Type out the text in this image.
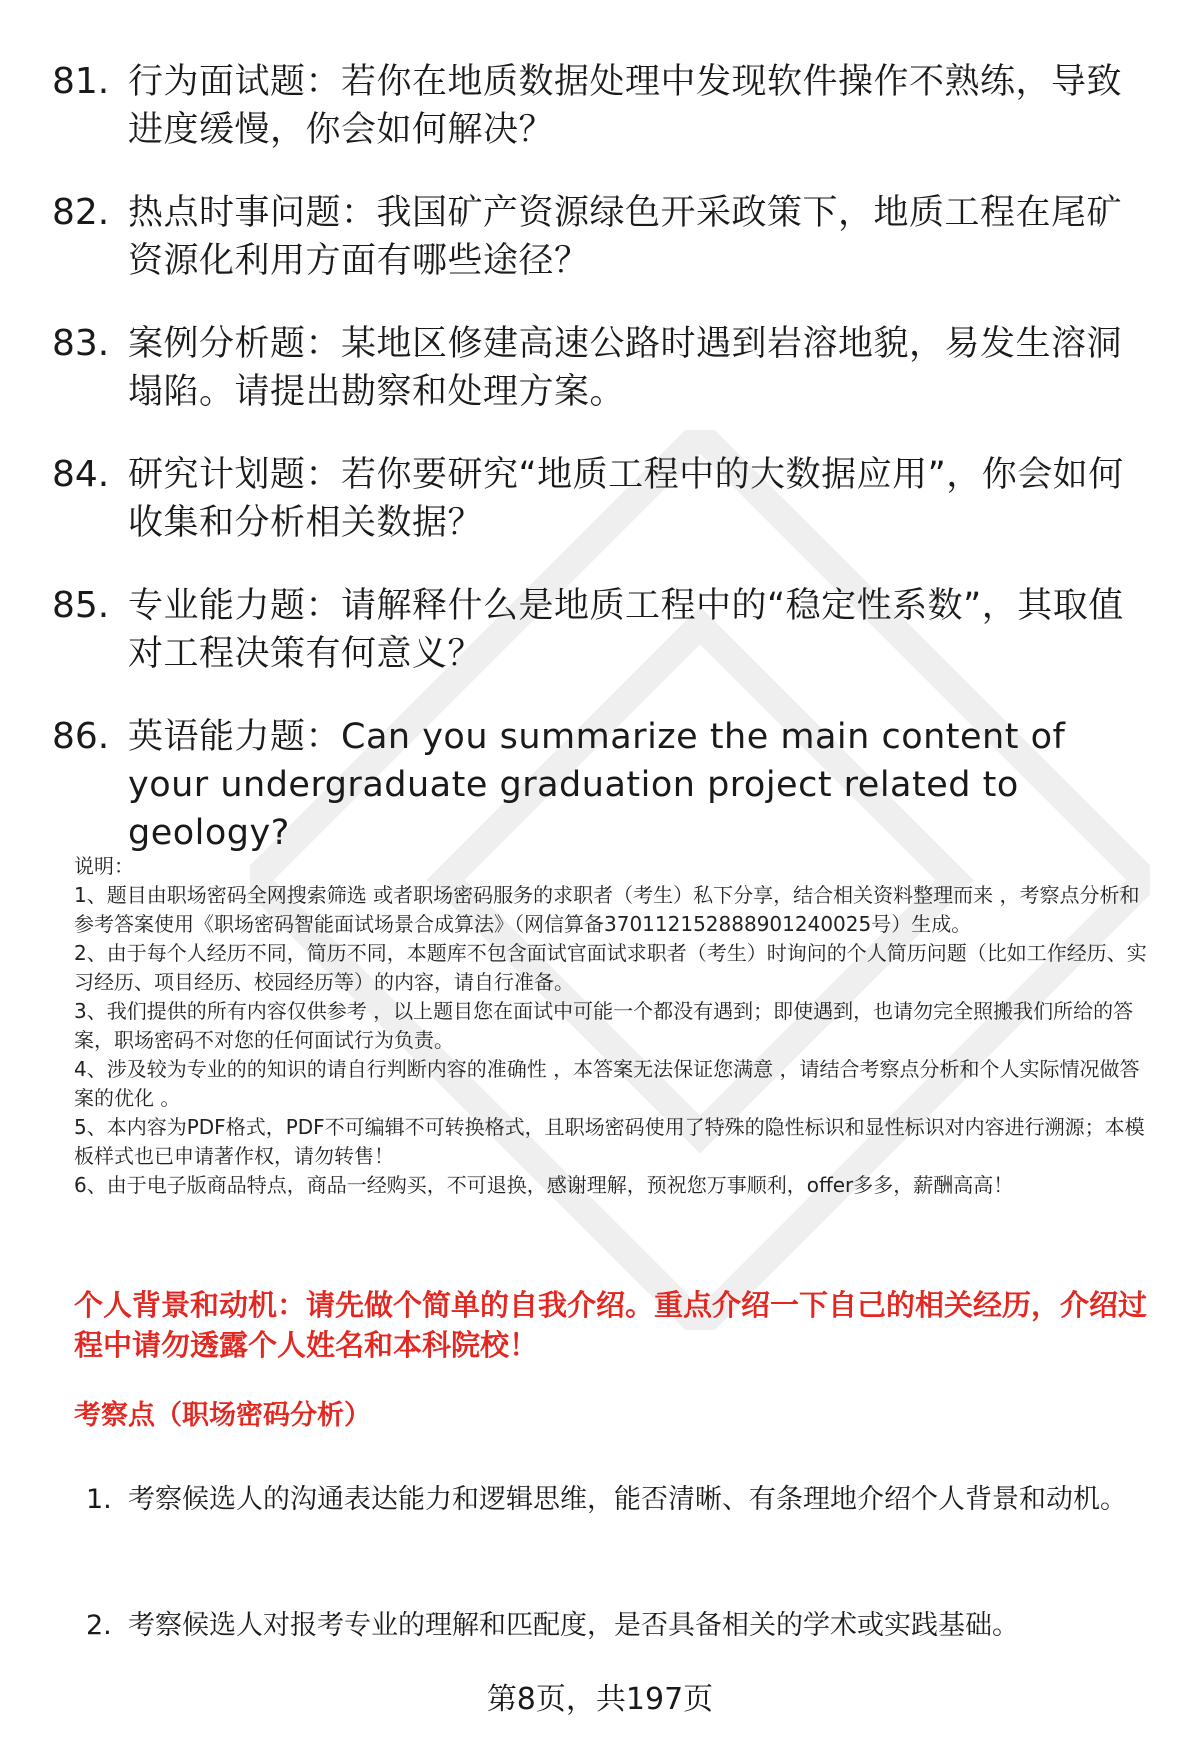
81. 行为面试题：若你在地质数据处理中发现软件操作不熟练，导致进度缓慢，你会如何解决？
82. 热点时事问题：我国矿产资源绿色开采政策下，地质工程在尾矿资源化利用方面有哪些途径？
83. 案例分析题：某地区修建高速公路时遇到岩溶地貌，易发生溶洞塌陷。请提出勘察和处理方案。
84. 研究计划题：若你要研究“地质工程中的大数据应用”，你会如何收集和分析相关数据？
85. 专业能力题：请解释什么是地质工程中的“稳定性系数”，其取值对工程决策有何意义？
86. 英语能力题：Can you summarize the main content of your undergraduate graduation project related to geology?

说明：

1、题目由职场密码全网搜索筛选 或者职场密码服务的求职者（考生）私下分享，结合相关资料整理而来 ，考察点分析和参考答案使用《职场密码智能面试场景合成算法》（网信算备370112152888901240025号）生成。

2、由于每个人经历不同，简历不同，本题库不包含面试官面试求职者（考生）时询问的个人简历问题（比如工作经历、实习经历、项目经历、校园经历等）的内容，请自行准备。

3、我们提供的所有内容仅供参考 ，以上题目您在面试中可能一个都没有遇到；即使遇到，也请勿完全照搬我们所给的答案，职场密码不对您的任何面试行为负责。

4、涉及较为专业的的知识的请自行判断内容的准确性 ，本答案无法保证您满意 ，请结合考察点分析和个人实际情况做答案的优化 。

5、本内容为PDF格式，PDF不可编辑不可转换格式，且职场密码使用了特殊的隐性标识和显性标识对内容进行溯源；本模板样式也已申请著作权，请勿转售！

6、由于电子版商品特点，商品一经购买，不可退换，感谢理解，预祝您万事顺利，offer多多，薪酬高高！

个人背景和动机：请先做个简单的自我介绍。重点介绍一下自己的相关经历，介绍过程中请勿透露个人姓名和本科院校！
考察点（职场密码分析）
1. 考察候选人的沟通表达能力和逻辑思维，能否清晰、有条理地介绍个人背景和动机。
2. 考察候选人对报考专业的理解和匹配度，是否具备相关的学术或实践基础。
第8页，共197页
